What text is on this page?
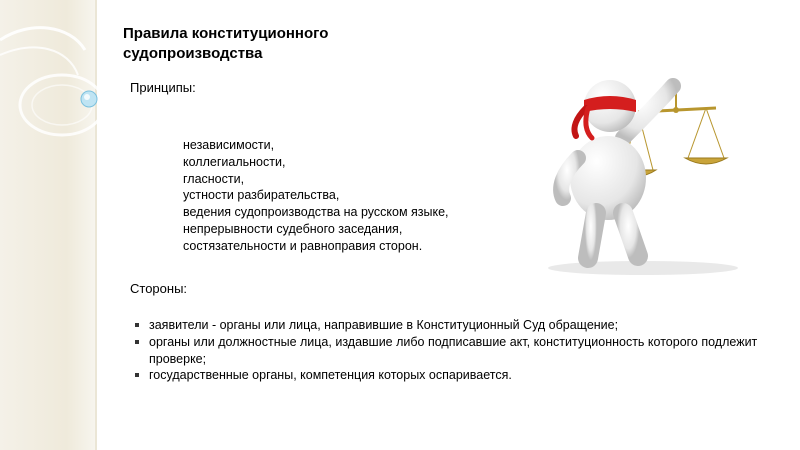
Правила конституционного судопроизводства
Принципы:
независимости,
коллегиальности,
гласности,
устности разбирательства,
ведения судопроизводства на русском языке,
непрерывности судебного заседания,
состязательности и равноправия сторон.
Стороны:
заявители - органы или лица, направившие в Конституционный Суд обращение;
органы или должностные лица, издавшие либо подписавшие акт, конституционность которого подлежит проверке;
государственные органы, компетенция которых оспаривается.
